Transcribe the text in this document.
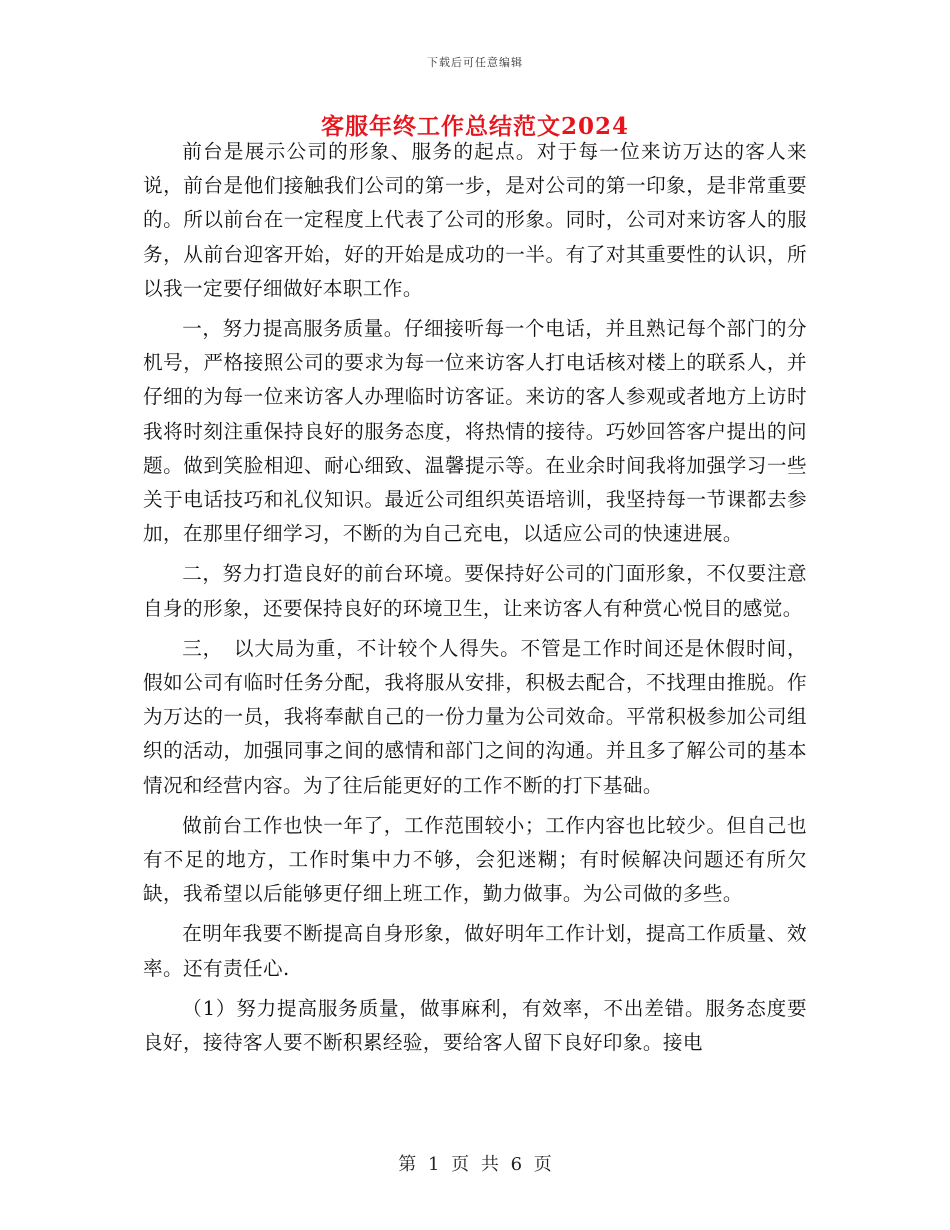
下载后可任意编辑
客服年终工作总结范文2024

前台是展示公司的形象、服务的起点。对于每一位来访万达的客人来说，前台是他们接触我们公司的第一步，是对公司的第一印象，是非常重要的。所以前台在一定程度上代表了公司的形象。同时，公司对来访客人的服务，从前台迎客开始，好的开始是成功的一半。有了对其重要性的认识，所以我一定要仔细做好本职工作。

一，努力提高服务质量。仔细接听每一个电话，并且熟记每个部门的分机号，严格接照公司的要求为每一位来访客人打电话核对楼上的联系人，并仔细的为每一位来访客人办理临时访客证。来访的客人参观或者地方上访时我将时刻注重保持良好的服务态度，将热情的接待。巧妙回答客户提出的问题。做到笑脸相迎、耐心细致、温馨提示等。在业余时间我将加强学习一些关于电话技巧和礼仪知识。最近公司组织英语培训，我坚持每一节课都去参加，在那里仔细学习，不断的为自己充电，以适应公司的快速进展。

二，努力打造良好的前台环境。要保持好公司的门面形象，不仅要注意自身的形象，还要保持良好的环境卫生，让来访客人有种赏心悦目的感觉。

三，　以大局为重，不计较个人得失。不管是工作时间还是休假时间，假如公司有临时任务分配，我将服从安排，积极去配合，不找理由推脱。作为万达的一员，我将奉献自己的一份力量为公司效命。平常积极参加公司组织的活动，加强同事之间的感情和部门之间的沟通。并且多了解公司的基本情况和经营内容。为了往后能更好的工作不断的打下基础。

做前台工作也快一年了，工作范围较小；工作内容也比较少。但自己也有不足的地方，工作时集中力不够，会犯迷糊；有时候解决问题还有所欠缺，我希望以后能够更仔细上班工作，勤力做事。为公司做的多些。

在明年我要不断提高自身形象，做好明年工作计划，提高工作质量、效率。还有责任心.

（1）努力提高服务质量，做事麻利，有效率，不出差错。服务态度要良好，接待客人要不断积累经验，要给客人留下良好印象。接电

第 1 页 共 6 页
